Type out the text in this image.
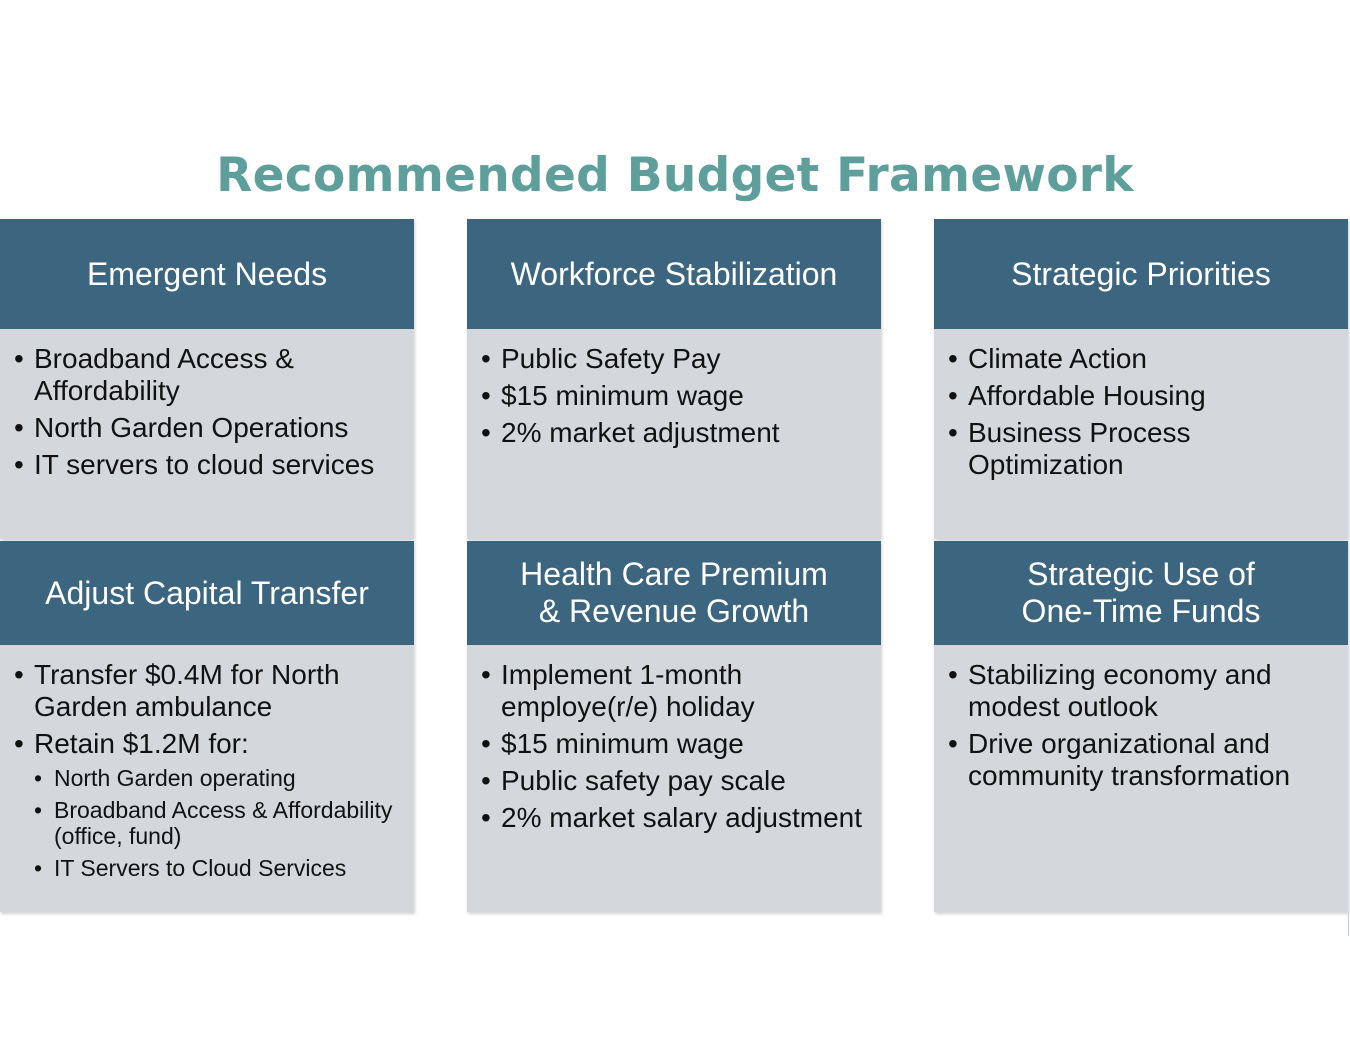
Recommended Budget Framework
Emergent Needs
• Broadband Access & Affordability
• North Garden Operations
• IT servers to cloud services
Workforce Stabilization
• Public Safety Pay
• $15 minimum wage
• 2% market adjustment
Strategic Priorities
• Climate Action
• Affordable Housing
• Business Process Optimization
Adjust Capital Transfer
• Transfer $0.4M for North Garden ambulance
• Retain $1.2M for:
• North Garden operating
• Broadband Access & Affordability (office, fund)
• IT Servers to Cloud Services
Health Care Premium
& Revenue Growth
• Implement 1-month employe(r/e) holiday
• $15 minimum wage
• Public safety pay scale
• 2% market salary adjustment
Strategic Use of
One-Time Funds
• Stabilizing economy and modest outlook
• Drive organizational and community transformation
